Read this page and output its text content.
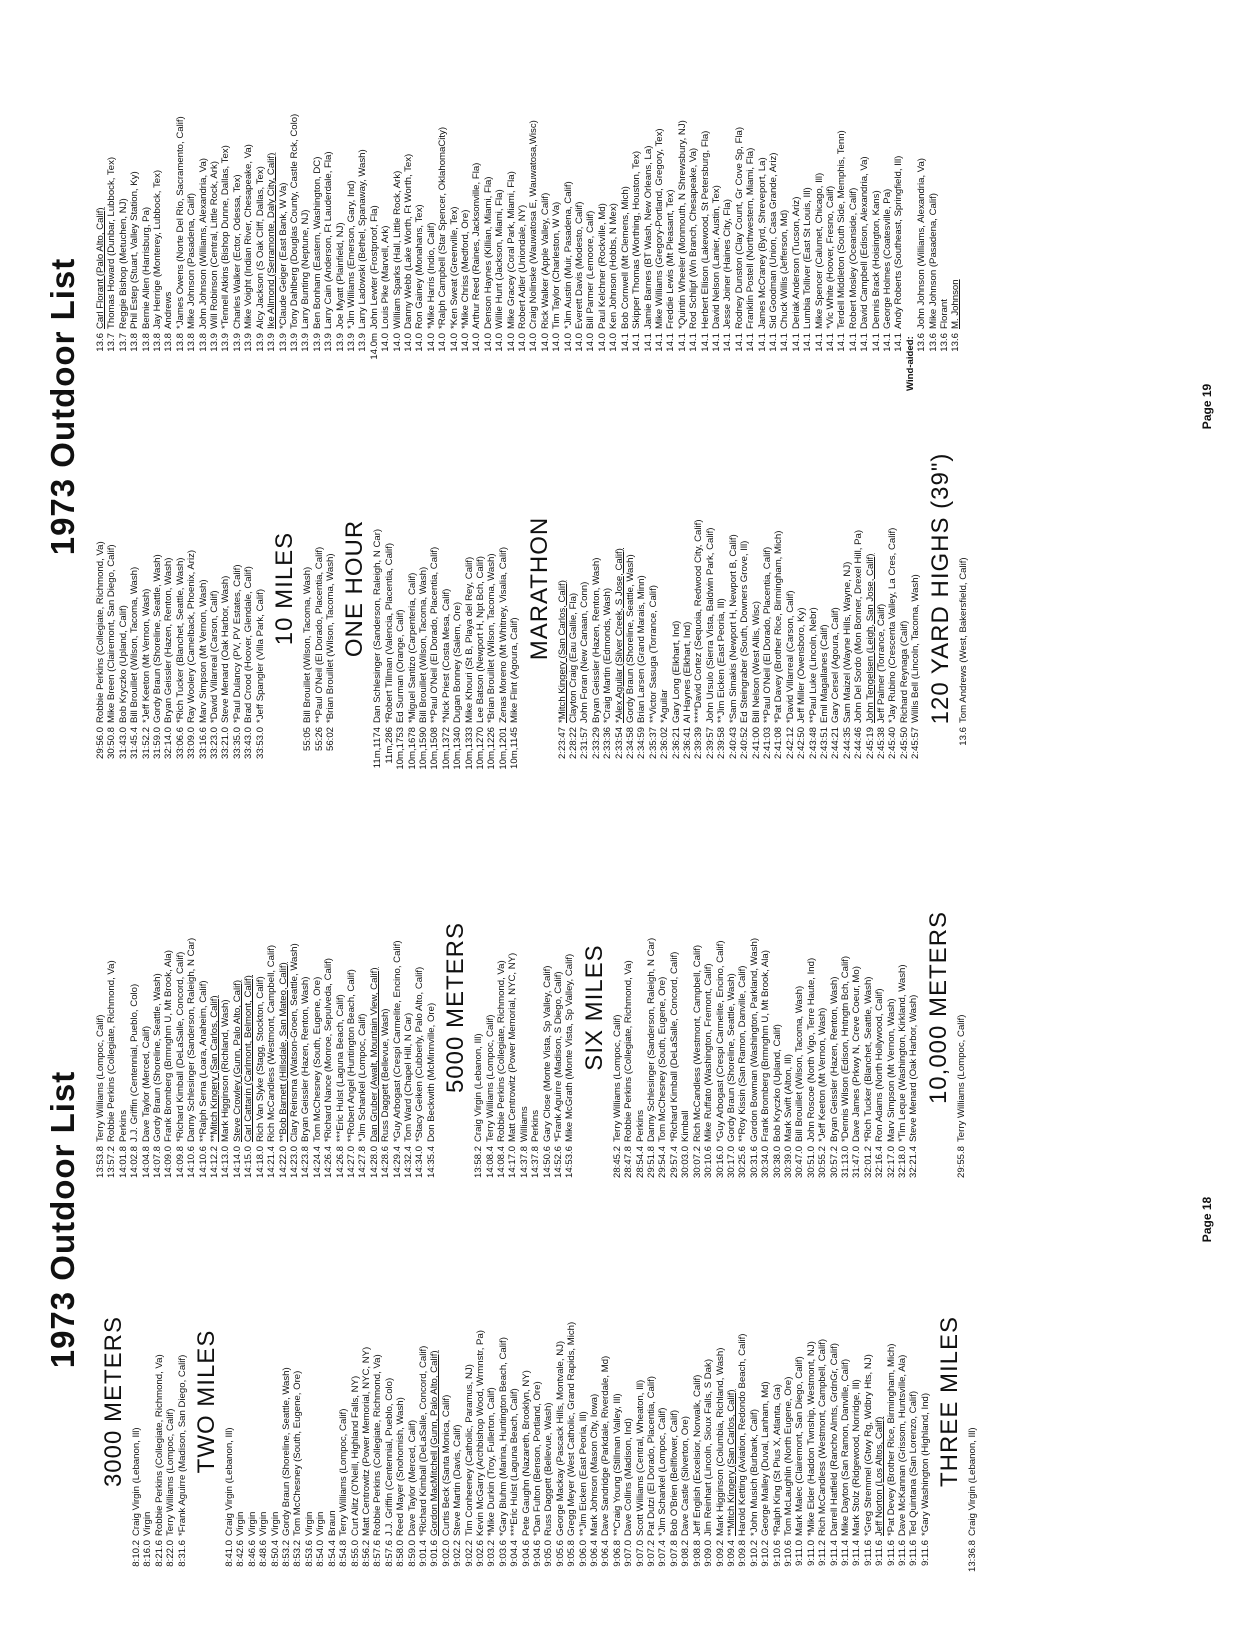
1973 Outdoor List
3000 METERS
8:10.2
Craig Virgin (Lebanon, Ill)
8:16.0
Virgin
8:21.6
Robbie Perkins (Collegiate, Richmond, Va)
8:22.0
Terry Williams (Lompoc, Calif)
8:31.6
*Frank Aguirre (Madison, San Diego, Calif) TWO MILES
8:41.0
Craig Virgin (Lebanon, Ill)
8:42.6
Virgin
8:46.6
Virgin
8:48.6
Virgin
8:50.4
Virgin
8:53.2
Gordy Braun (Shoreline, Seattle, Wash)
8:53.2
Tom McChesney (South, Eugene, Ore)
8:53.6
Virgin
8:54.0
Virgin
8:54.4
Braun
8:54.8
Terry Williams (Lompoc, Calif)
8:55.0
Curt Alitz (O'Neill, Highland Falls, NY)
8:56.2
Matt Centrowitz (Power Memorial, NYC, NY)
8:57.6
Robbie Perkins (Collegiate, Richmond, Va)
8:57.6
J.J. Griffin (Centennial, Pueblo, Colo)
8:58.0
Reed Mayer (Snohomish, Wash)
8:59.0
Dave Taylor (Merced, Calif)
9:01.4
*Richard Kimball (DeLaSalle, Concord, Calif)
9:01.6
Gordon MacMitchell (Gunn, Palo Alto, Calif)
9:02.0
Curtis Beck (Santa Monica, Calif)
9:02.2
Steve Martin (Davis, Calif)
9:02.2
Tim Conheeney (Catholic, Paramus, NJ)
9:02.6
Kevin McGarry (Archbishop Wood, Wrmnstr, Pa)
9:03.2
*Mike Durkin (Troy, Fullerton, Calif)
9:03.6
*Gary Bluhm (Marina, Huntington Beach, Calif)
9:04.4
***Eric Hulst (Laguna Beach, Calif)
9:04.6
Pete Gaughn (Nazareth, Brooklyn, NY)
9:04.6
*Dan Fulton (Benson, Portland, Ore)
9:05.0
Russ Daggett (Bellevue, Wash)
9:05.6
George Mackay (Pascack Hills, Montvale, NJ)
9:05.8
Gregg Meyer (West Catholic, Grand Rapids, Mich)
9:06.0
**Jim Eicken (East Peoria, Ill)
9:06.4
Mark Johnson (Mason City, Iowa)
9:06.4
Dave Sandridge (Parkdale, Riverdale, Md)
9:06.8
**Craig Young (Stillman Valley, Ill)
9:07.0
Dave Collins (Madison, Ind)
9:07.0
Scott Williams (Central, Wheaton, Ill)
9:07.2
Pat Dutzi (El Dorado, Placentia, Calif)
9:07.4
*Jim Schankel (Lompoc, Calif)
9:07.8
Bob O'Brien (Bellflower, Calif)
9:08.2
Dave Castle (Silverton, Ore)
9:08.8
Jeff English (Excelsior, Norwalk, Calif)
9:09.0
Jim Reinhart (Lincoln, Sioux Falls, S Dak)
9:09.2
Mark Higginson (Columbia, Richland, Wash)
9:09.4
**Mitch Kingery (San Carlos, Calif)
9:09.8
Harold Ketting (Aviation, Redondo Beach, Calif)
9:10.2
*John Musich (Burbank, Calif)
9:10.2
George Malley (Duval, Lanham, Md)
9:10.6
*Ralph King (St Pius X, Atlanta, Ga)
9:10.6
Tom McLaughlin (North Eugene, Ore)
9:11.0
Mark Malec (Clairemont, San Diego, Calif)
9:11.0
*Mike Elder (Haddon Twnship, Westmont, NJ)
9:11.2
Rich McCandless (Westmont, Campbell, Calif)
9:11.4
Darrell Hatfield (Rancho Almts, GrdnGr, Calif)
9:11.4
Mike Dayton (San Ramon, Danville, Calif)
9:11.4
Mark Stolz (Ridgewood, Norridge, Ill)
9:11.6
*Greg Stremmel (Gtwy Rg, Wdbry Hts, NJ)
9:11.6
Jeff Norton (Los Altos, Calif)
9:11.6
*Pat Devey (Brother Rice, Birmingham, Mich)
9:11.6
Dave McKannan (Grissom, Huntsville, Ala)
9:11.6
Ted Quintana (San Lorenzo, Calif)
9:11.6
*Gary Washington (Highland, Ind) THREE MILES
13:36.8
Craig Virgin (Lebanon, Ill)
13:53.8
Terry Williams (Lompoc, Calif)
13:57.2
Robbie Perkins (Collegiate, Richmond, Va)
14:01.8
Perkins
14:02.8
J.J. Griffin (Centennial, Pueblo, Colo)
14:04.8
Dave Taylor (Merced, Calif)
14:07.8
Gordy Braun (Shoreline, Seattle, Wash)
14:09.0
Frank Bromberg (Brmnghm U, Mt Brook, Ala)
14:09.8
*Richard Kimball (DeLaSalle, Concord, Calif)
14:10.6
Danny Schlesinger (Sanderson, Raleigh, N Car)
14:10.6
**Ralph Serna (Loara, Anaheim, Calif)
14:12.2
**Mitch Kingery (San Carlos, Calif)
14:13.0
Mark Higginson (Richland, Wash)
14:14.0
Steve Crowley (Gunn, Palo Alto, Calif)
14:15.0
Carl Cattarin (Carlmont, Belmont, Calif)
14:18.0
Rich Van Slyke (Stagg, Stockton, Calif)
14:21.4
Rich McCandless (Westmont, Campbell, Calif)
14:22.0
**Bob Barnett (Hillsdale, San Mateo, Calif)
14:23.0
Clary Reinsma (Watson-Groen, Seattle, Wash)
14:23.8
Bryan Geissler (Hazen, Renton, Wash)
14:24.4
Tom McChesney (South, Eugene, Ore)
14:26.4
*Richard Nance (Monroe, Sepulveda, Calif)
14:26.8
***Eric Hulst (Laguna Beach, Calif)
14:27.0
**Robert Angel (Huntington Beach, Calif)
14:27.8
*Jim Schankel (Lompoc, Calif)
14:28.0
Dan Gruber (Awalt, Mountain View, Calif)
14:28.6
Russ Daggett (Bellevue, Wash)
14:29.4
*Guy Arbogast (Crespi Carmelite, Encino, Calif)
14:32.4
Tom Ward (Chapel Hill, N Car)
14:34.0
*Stacy Geiken (Cubberly, Palo Alto, Calif)
14:35.4
Don Beckwith (McMinnville, Ore) 5000 METERS
13:58.2
Craig Virgin (Lebanon, Ill)
14:08.4
Terry Williams (Lompoc, Calif)
14:08.4
Robbie Perkins (Collegiate, Richmond, Va)
14:17.0
Matt Centrowitz (Power Memorial, NYC, NY)
14:37.8
Williams
14:37.8
Perkins
14:50.6
Gary Close (Monte Vista, Sp Valley, Calif)
14:52.6
*Frank Aguirre (Madison, S Diego, Calif)
14:53.6
Mike McGrath (Monte Vista, Sp Valley, Calif) SIX MILES
28:45.2
Terry Williams (Lompoc, Calif)
28:47.8
Robbie Perkins (Collegiate, Richmond, Va)
28:54.4
Perkins
29:51.8
Danny Schlesinger (Sanderson, Raleigh, N Car)
29:54.4
Tom McChesney (South, Eugene, Ore)
29:57.4
*Richard Kimball (DeLaSalle, Concord, Calif)
30:03.0
Kimball
30:07.2
Rich McCandless (Westmont, Campbell, Calif)
30:10.6
Mike Ruffato (Washington, Fremont, Calif)
30:16.0
*Guy Arbogast (Crespi Carmelite, Encino, Calif)
30:17.0
Gordy Braun (Shoreline, Seattle, Wash)
30:25.6
**Roy Kissin (San Ramon, Danville, Calif)
30:31.6
Gordon Bowman (Washington, Parkland, Wash)
30:34.0
Frank Bromberg (Brmnghm U, Mt Brook, Ala)
30:38.0
Bob Kryczko (Upland, Calif)
30:39.0
Mark Swift (Alton, Ill)
30:47.0
Bill Brouillet (Wilson, Tacoma, Wash)
30:51.0
John Roscoe (North Vigo, Terre Haute, Ind)
30:55.2
*Jeff Keeton (Mt Vernon, Wash)
30:57.2
Bryan Geissler (Hazen, Renton, Wash)
31:13.0
*Dennis Wilson (Edison, Hntngtn Bch, Calif)
31:47.0
Dave James (Prkwy N, Creve Coeur, Mo)
32:01.2
*Rich Tucker (Blanchet, Seattle, Wash)
32:16.4
Ron Adams (North Hollywood, Calif)
32:17.0
Marv Simpson (Mt Vernon, Wash)
32:18.0
*Tim Leque (Washington, Kirkland, Wash)
32:21.4
Steve Menard (Oak Harbor, Wash) 10,000 METERS
29:55.8
Terry Williams (Lompoc, Calif)
Page 18
1973 Outdoor List
29:56.0
Robbie Perkins (Collegiate, Richmond, Va)
30:50.8
Mike Breen (Clairemont, San Diego, Calif)
31:43.0
Bob Kryczko (Upland, Calif)
31:45.4
Bill Brouillet (Wilson, Tacoma, Wash)
31:52.2
*Jeff Keeton (Mt Vernon, Wash)
31:59.0
Gordy Braun (Shoreline, Seattle, Wash)
32:14.0
Bryan Geissler (Hazen, Renton, Wash)
33:06.6
*Rich Tucker (Blanchet, Seattle, Wash)
33:09.0
Ray Woolery (Camelback, Phoenix, Ariz)
33:16.6
Marv Simpson (Mt Vernon, Wash)
33:23.0
*David Villarreal (Carson, Calif)
33:21.0
Steve Menard (Oak Harbor, Wash)
33:35.0
*Paul Dulancy (PV, PV Estates, Calif)
33:43.0
Brad Crood (Hoover, Glendale, Calif)
33:53.0
*Jeff Spangler (Villa Park, Calif)
10 MILES
55:05
Bill Brouillet (Wilson, Tacoma, Wash)
55:26
**Paul O'Neil (El Dorado, Placentia, Calif)
56:02
*Brian Brouillet (Wilson, Tacoma, Wash) ONE HOUR
11m,1174
Dan Schlesinger (Sanderson, Raleigh, N Car)
11m,286
*Robert Tillman (Valencia, Placentia, Calif)
10m,1753
Ed Surman (Orange, Calif)
10m,1678
*Miguel Santizo (Carpenteria, Calif)
10m,1590
Bill Brouillet (Wilson, Tacoma, Wash)
10m,1508
**Paul O'Neil (El Dorado, Placentia, Calif)
10m,1372
*Nick Priest (Costa Mesa, Calif)
10m,1340
Dugan Bonney (Salem, Ore)
10m,1333
Mike Khouri (St B, Playa del Rey, Calif)
10m,1270
Lee Batson (Newport H, Npt Bch, Calif)
10m,1226
*Brian Brouillet (Wilson, Tacoma, Wash)
10m,1201
Zenas Moreno (Mt Whitney, Visalia, Calif)
10m,1145
Mike Flint (Agoura, Calif)
MARATHON
2:23:47
*Mitch Kingery (San Carlos, Calif)
2:28:22
Clayton Craig (Eau Gallie, Fla)
2:31:57
John Foran (New Canaan, Conn)
2:33:29
Bryan Geissler (Hazen, Renton, Wash)
2:33:36
*Craig Martin (Edmonds, Wash)
2:33:54
*Alex Aguilar (Silver Creek, S Jose, Calif)
2:34:58
Gordy Braun (Shoreline, Seattle, Wash)
2:34:59
Brian Larsen (Grand Marais, Minn)
2:35:37
**Victor Sasuga (Torrance, Calif)
2:36:02
*Aguilar
2:36:21
Gary Long (Elkhart, Ind)
2:36:41
Al Haynes (Elkhart, Ind)
2:39:39
****David Cortez (Sequoia, Redwood City, Calif)
2:39:57
John Ursulo (Sierra Vista, Baldwin Park, Calif)
2:39:58
**Jim Eicken (East Peoria, Ill)
2:40:43
*Sam Simakis (Newport H, Newport B, Calif)
2:40:52
Ed Steingraber (South, Downers Grove, Ill)
2:41:00
Bill Nelson (West Allis, Wisc)
2:41:03
**Paul O'Neil (El Dorado, Placentia, Calif)
2:41:08
*Pat Davey (Brother Rice, Birmingham, Mich)
2:42:12
*David Villarreal (Carson, Calif)
2:42:50
Jeff Miller (Owensboro, Ky)
2:43:48
**Paul Luke (Lincoln, Nebr)
2:43:51
Emil Magallanes (Calif)
2:44:21
Gary Cersel (Agoura, Calif)
2:44:35
Sam Maizel (Wayne Hills, Wayne, NJ)
2:44:46
John Del Sordo (Mon Bonner, Drexel Hill, Pa)
2:45:19
John Tengelsen (Leigh, San Jose, Calif)
2:45:38
Jeff Palmer (Torrance, Calif)
2:45:40
*Jay Rubino (Crescenta Valley, La Cres, Calif)
2:45:50
Richard Reynaga (Calif)
2:45:57
Willis Bell (Lincoln, Tacoma, Wash) 120 YARD HIGHS (39")
13.6
Tom Andrews (West, Bakersfield, Calif)
13.6
Carl Florant (Palo Alto, Calif)
13.7
Thomas Howard (Dunbar, Lubbock, Tex)
13.7
Reggie Bishop (Metuchen, NJ)
13.8
Phil Estep (Stuart, Valley Station, Ky)
13.8
Bernie Allen (Harrisburg, Pa)
13.8
Jay Herrige (Monterey, Lubbock, Tex)
13.8
Andrews
13.8
*James Owens (Norte Del Rio, Sacramento, Calif)
13.8
Mike Johnson (Pasadena, Calif)
13.8
John Johnson (Williams, Alexandria, Va)
13.9
Will Robinson (Central, Little Rock, Ark)
13.9
*Tennell Atkins (Bishop Dunne, Dallas, Tex)
13.9
Charles Walker (Ector, Odessa, Tex)
13.9
Mike Voight (Indian River, Chesapeake, Va)
13.9
Alcy Jackson (S Oak Cliff, Dallas, Tex)
13.9
Ike Allmond (Serramonte, Daly City, Calif)
13.9
*Claude Geiger (East Bank, W Va)
13.9
Tony Dahlberg (Douglas County, Castle Rck, Colo)
13.9
Larry Bunting (Neptune, NJ)
13.9
Ben Bonham (Eastern, Washington, DC)
13.9
Larry Cain (Anderson, Ft Lauderdale, Fla)
13.9
Joe Myatt (Plainfield, NJ)
13.9
*Jim Williams (Emerson, Gary, Ind)
13.9
Larry Ladowski (Bethel, Spanaway, Wash)
14.0m
John Lewter (Frostproof, Fla)
14.0
Louis Pike (Marvell, Ark)
14.0
William Sparks (Hall, Little Rock, Ark)
14.0
Danny Webb (Lake Worth, Ft Worth, Tex)
14.0
Ron Gainey (Monahans, Tex)
14.0
*Mike Harris (Indio, Calif)
14.0
*Ralph Campbell (Star Spencer, OklahomaCity)
14.0
*Ken Sweat (Greenville, Tex)
14.0
*Mike Chriss (Medford, Ore)
14.0
Arthur Reed (Raines, Jacksonville, Fla)
14.0
Denson Haynes (Killian, Miami, Fla)
14.0
Willie Hunt (Jackson, Miami, Fla)
14.0
Mike Gracey (Coral Park, Miami, Fla)
14.0
Robert Adler (Uniondale, NY)
14.0
Craig Nolinske (Wauwatosa E, Wauwatosa,Wisc)
14.0
Rick Walker (Apple Valley, Calif)
14.0
Tim Taylor (Charleston, W Va)
14.0
*Jim Austin (Muir, Pasadena, Calif)
14.0
Everett Davis (Modesto, Calif)
14.0
Bill Parmer (Lemoore, Calif)
14.0
Paul Kelchner (Rockville, Md)
14.0
Ken Johnson (Hobbs, N Mex)
14.1
Bob Cornwell (Mt Clemens, Mich)
14.1
Skipper Thomas (Worthing, Houston, Tex)
14.1
Jamie Barnes (BT Wash, New Orleans, La)
14.1
Mike Williams (Gregory-Portland, Gregory, Tex)
14.1
Freddie Lewis (Mt Pleasant, Tex)
14.1
*Quintin Wheeler (Monmouth, N Shrewsbury, NJ)
14.1
Rod Schlipf (Wn Branch, Chesapeake, Va)
14.1
Herbert Ellison (Lakewood, St Petersburg, Fla)
14.1
David Nelson (Lanier, Austin, Tex)
14.1
Jesse Joiner (Haines City, Fla)
14.1
Rodney Dunston (Clay Count, Gr Cove Sp, Fla)
14.1
Franklin Postell (Northwestern, Miami, Fla)
14.1
James McCraney (Byrd, Shreveport, La)
14.1
Sid Goodman (Union, Casa Grande, Ariz)
14.1
Chuck Willis (Jefferson, Md)
14.1
Deriak Anderson (Tucson, Ariz)
14.1
Lumbia Tolliver (East St Louis, Ill)
14.1
Mike Spencer (Calumet, Chicago, Ill)
14.1
*Vic White (Hoover, Fresno, Calif)
14.1
Terdell Middleton (South Side, Memphis, Tenn)
14.1
Robert Mosley (Oceanside, Calif)
14.1
David Campbell (Edison, Alexandria, Va)
14.1
Dennis Brack (Hoisington, Kans)
14.1
George Holmes (Coatesville, Pa)
14.1
Andy Roberts (Southeast, Springfield, Ill)
Wind-aided: 13.6
John Johnson (Williams, Alexandria, Va)
13.6
Mike Johnson (Pasadena, Calif)
13.6
Florant
13.6
M. Johnson
Page 19
